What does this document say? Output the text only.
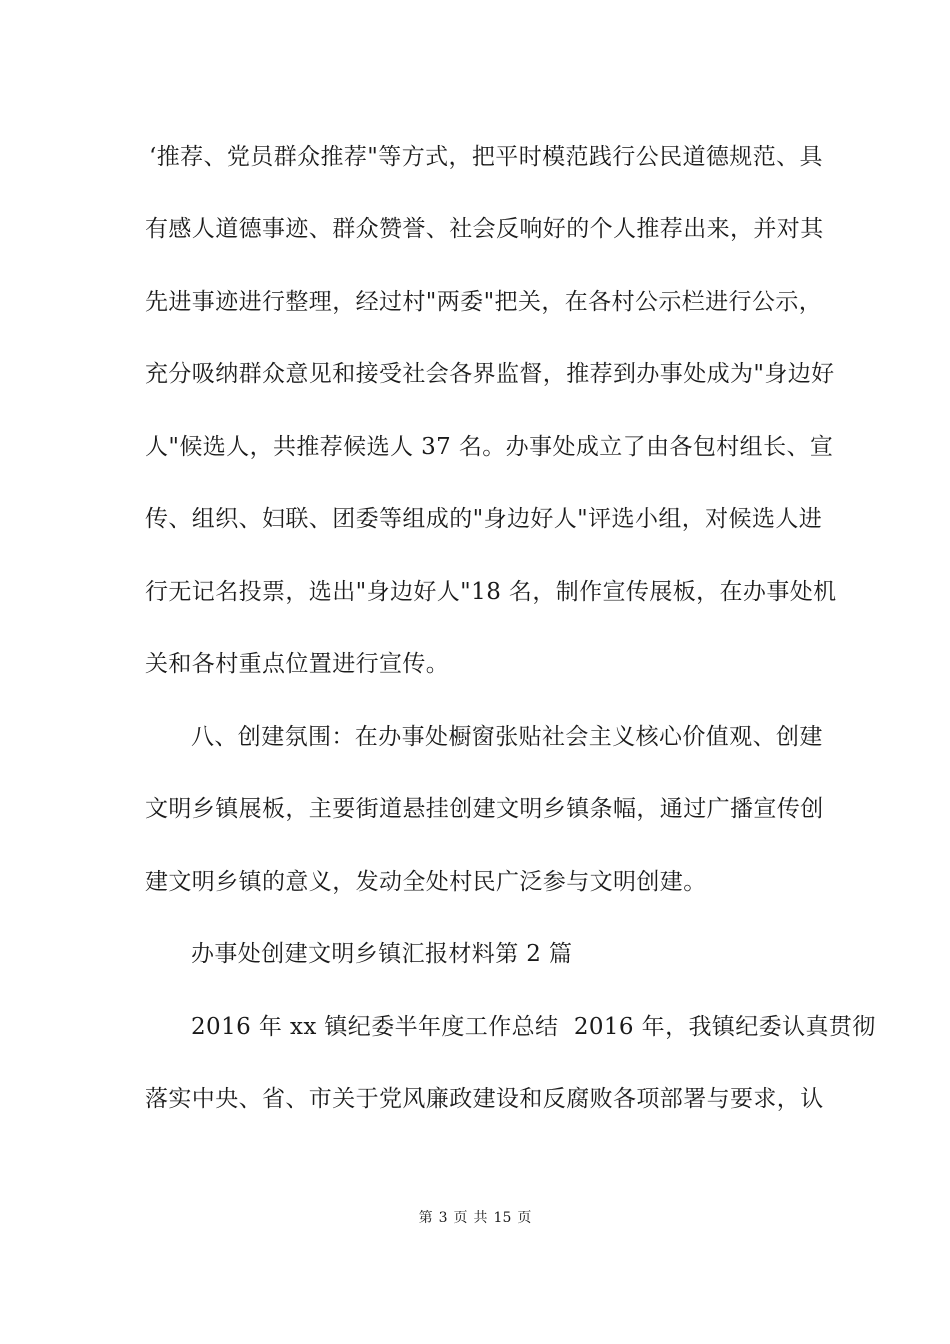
‘推荐、党员群众推荐"等方式，把平时模范践行公民道德规范、具
有感人道德事迹、群众赞誉、社会反响好的个人推荐出来，并对其
先进事迹进行整理，经过村"两委"把关，在各村公示栏进行公示，
充分吸纳群众意见和接受社会各界监督，推荐到办事处成为"身边好
人"候选人，共推荐候选人 37 名。办事处成立了由各包村组长、宣
传、组织、妇联、团委等组成的"身边好人"评选小组，对候选人进
行无记名投票，选出"身边好人"18 名，制作宣传展板，在办事处机
关和各村重点位置进行宣传。
八、创建氛围：在办事处橱窗张贴社会主义核心价值观、创建
文明乡镇展板，主要街道悬挂创建文明乡镇条幅，通过广播宣传创
建文明乡镇的意义，发动全处村民广泛参与文明创建。
办事处创建文明乡镇汇报材料第 2 篇
2016 年 xx 镇纪委半年度工作总结  2016 年，我镇纪委认真贯彻
落实中央、省、市关于党风廉政建设和反腐败各项部署与要求，认
第 3 页 共 15 页
